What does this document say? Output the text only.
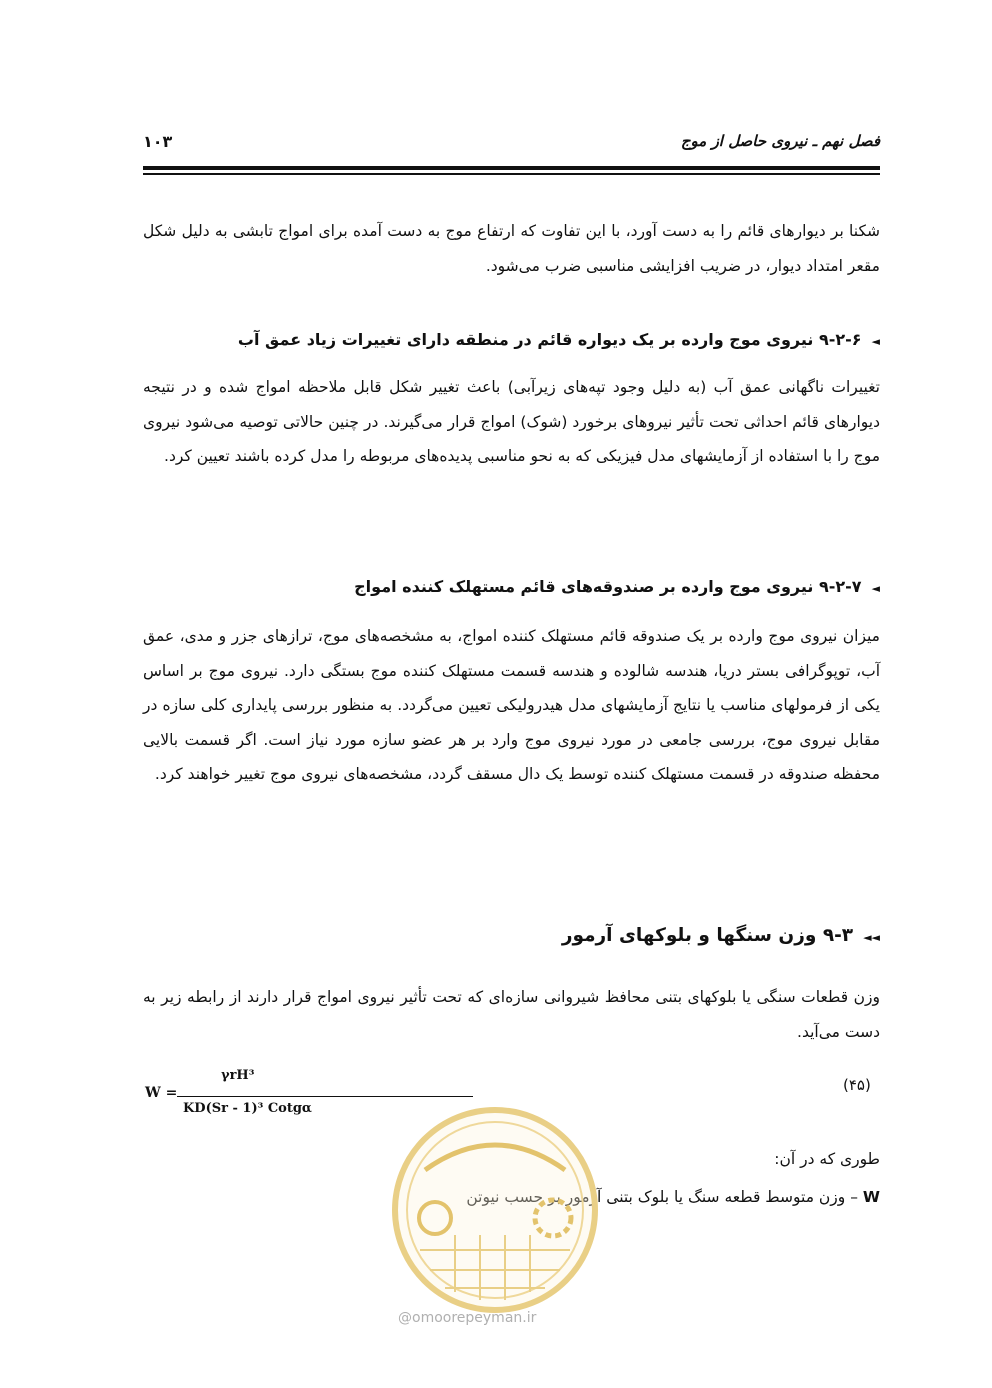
فصل نهم ـ نیروی حاصل از موج
۱۰۳

شکنا بر دیوارهای قائم را به دست آورد، با این تفاوت که ارتفاع موج به دست آمده برای امواج تابشی به دلیل شکل مقعر امتداد دیوار، در ضریب افزایشی مناسبی ضرب می‌شود.

◄۹-۲-۶ نیروی موج وارده بر یک دیواره قائم در منطقه دارای تغییرات زیاد عمق آب

تغییرات ناگهانی عمق آب (به دلیل وجود تپه‌های زیرآبی) باعث تغییر شکل قابل ملاحظه امواج شده و در نتیجه دیوارهای قائم احداثی تحت تأثیر نیروهای برخورد (شوک) امواج قرار می‌گیرند. در چنین حالاتی توصیه می‌شود نیروی موج را با استفاده از آزمایشهای مدل فیزیکی که به نحو مناسبی پدیده‌های مربوطه را مدل کرده باشند تعیین کرد.

◄۹-۲-۷ نیروی موج وارده بر صندوقه‌های قائم مستهلک کننده امواج

میزان نیروی موج وارده بر یک صندوقه قائم مستهلک کننده امواج، به مشخصه‌های موج، ترازهای جزر و مدی، عمق آب، توپوگرافی بستر دریا، هندسه شالوده و هندسه قسمت مستهلک کننده موج بستگی دارد. نیروی موج بر اساس یکی از فرمولهای مناسب یا نتایج آزمایشهای مدل هیدرولیکی تعیین می‌گردد. به منظور بررسی پایداری کلی سازه در مقابل نیروی موج، بررسی جامعی در مورد نیروی موج وارد بر هر عضو سازه مورد نیاز است. اگر قسمت بالایی محفظه صندوقه در قسمت مستهلک کننده توسط یک دال مسقف گردد، مشخصه‌های نیروی موج تغییر خواهند کرد.

◄◄۹-۳ وزن سنگها و بلوکهای آرمور

وزن قطعات سنگی یا بلوکهای بتنی محافظ شیروانی سازه‌ای که تحت تأثیر نیروی امواج قرار دارند از رابطه زیر به دست می‌آید.

W =
γrH³
KD(Sr - 1)³ Cotgα
(۴۵)

طوری که در آن:

W – وزن متوسط قطعه سنگ یا بلوک بتنی آرمور بر حسب نیوتن

@omoorepeyman.ir
